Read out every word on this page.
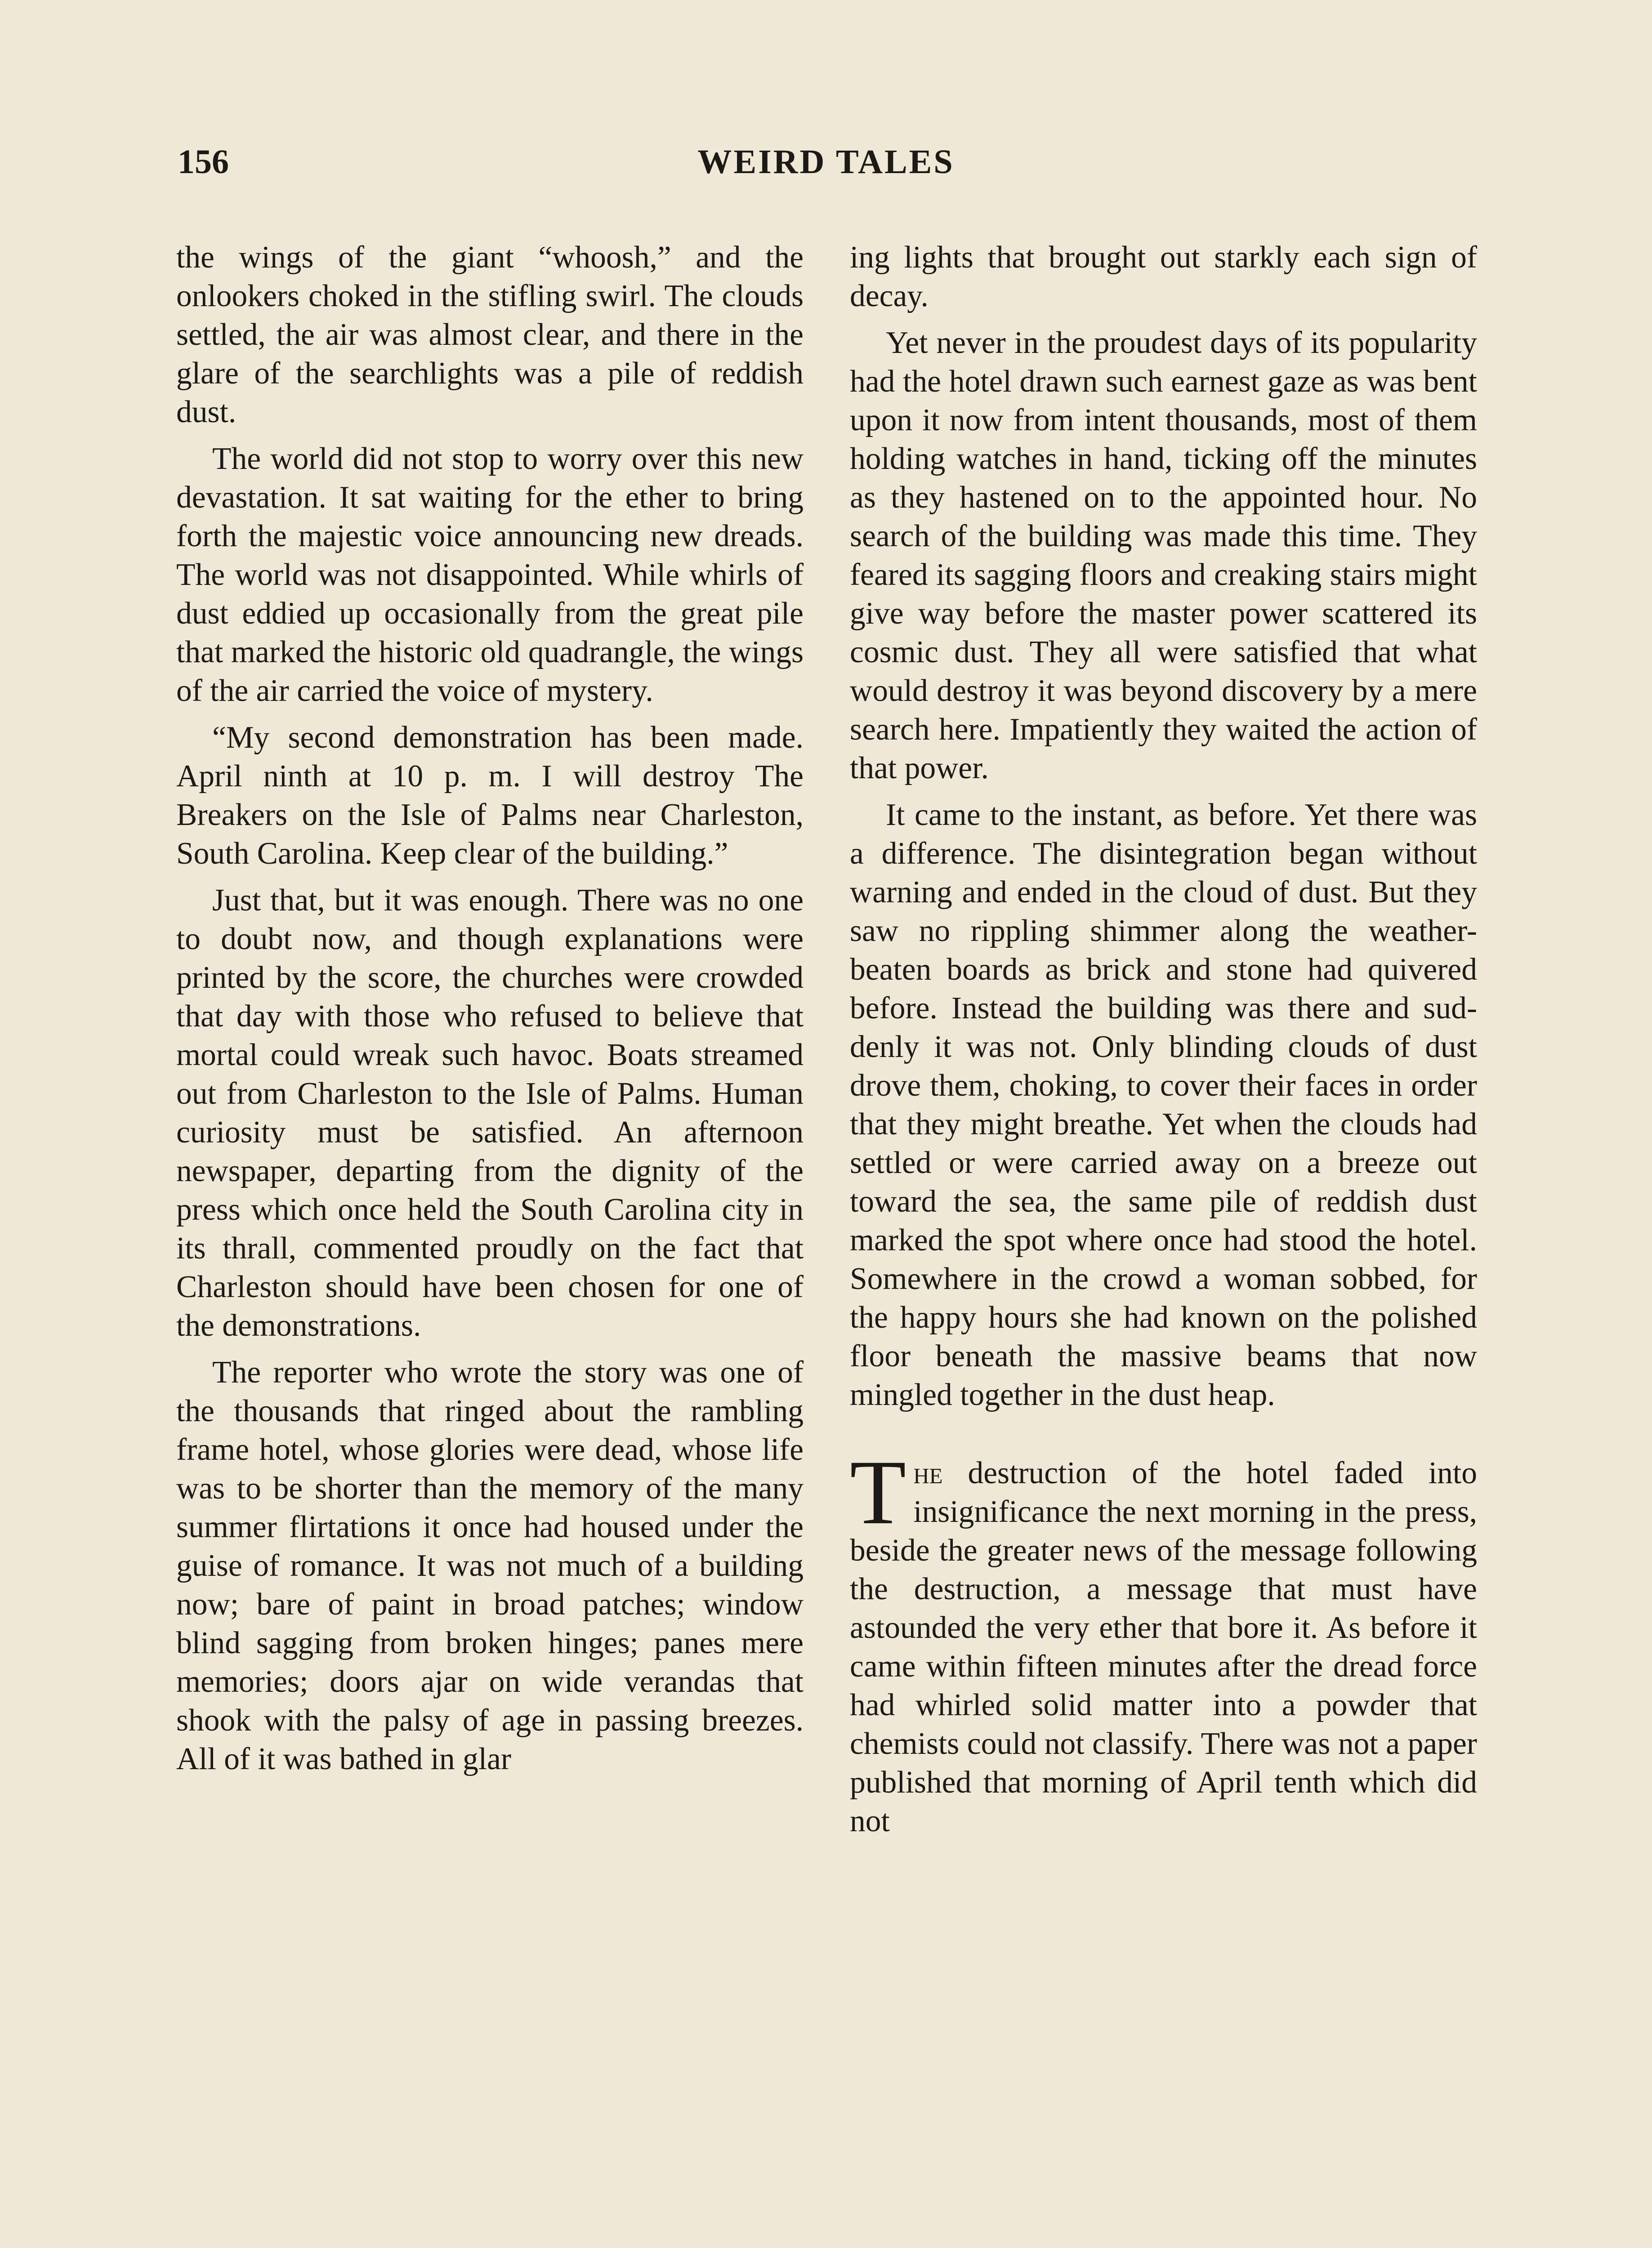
156	WEIRD TALES

the wings of the giant “whoosh,” and the onlookers choked in the stifling swirl. The clouds settled, the air was almost clear, and there in the glare of the searchlights was a pile of reddish dust.

The world did not stop to worry over this new devastation. It sat waiting for the ether to bring forth the majestic voice announcing new dreads. The world was not disappointed. While whirls of dust eddied up occasionally from the great pile that marked the historic old quadrangle, the wings of the air carried the voice of mystery.

“My second demonstration has been made. April ninth at 10 p. m. I will destroy The Breakers on the Isle of Palms near Charleston, South Carolina. Keep clear of the building.”

Just that, but it was enough. There was no one to doubt now, and though explanations were printed by the score, the churches were crowded that day with those who refused to believe that mortal could wreak such havoc. Boats streamed out from Charleston to the Isle of Palms. Human curiosity must be satisfied. An afternoon newspaper, departing from the dignity of the press which once held the South Carolina city in its thrall, commented proudly on the fact that Charleston should have been chosen for one of the demonstrations.

The reporter who wrote the story was one of the thousands that ringed about the rambling frame hotel, whose glories were dead, whose life was to be shorter than the memory of the many summer flirtations it once had housed under the guise of romance. It was not much of a building now; bare of paint in broad patches; window blind sagging from broken hinges; panes mere memories; doors ajar on wide verandas that shook with the palsy of age in passing breezes. All of it was bathed in glar

ing lights that brought out starkly each sign of decay.

Yet never in the proudest days of its popularity had the hotel drawn such earnest gaze as was bent upon it now from intent thousands, most of them holding watches in hand, ticking off the minutes as they hastened on to the appointed hour. No search of the building was made this time. They feared its sagging floors and creaking stairs might give way before the master power scattered its cosmic dust. They all were satisfied that what would destroy it was beyond discovery by a mere search here. Impatiently they waited the action of that power.

It came to the instant, as before. Yet there was a difference. The disintegration began without warning and ended in the cloud of dust. But they saw no rippling shimmer along the weather-beaten boards as brick and stone had quivered before. Instead the building was there and suddenly it was not. Only blinding clouds of dust drove them, choking, to cover their faces in order that they might breathe. Yet when the clouds had settled or were carried away on a breeze out toward the sea, the same pile of reddish dust marked the spot where once had stood the hotel. Somewhere in the crowd a woman sobbed, for the happy hours she had known on the polished floor beneath the massive beams that now mingled together in the dust heap.

The destruction of the hotel faded into insignificance the next morning in the press, beside the greater news of the message following the destruction, a message that must have astounded the very ether that bore it. As before it came within fifteen minutes after the dread force had whirled solid matter into a powder that chemists could not classify. There was not a paper published that morning of April tenth which did not
